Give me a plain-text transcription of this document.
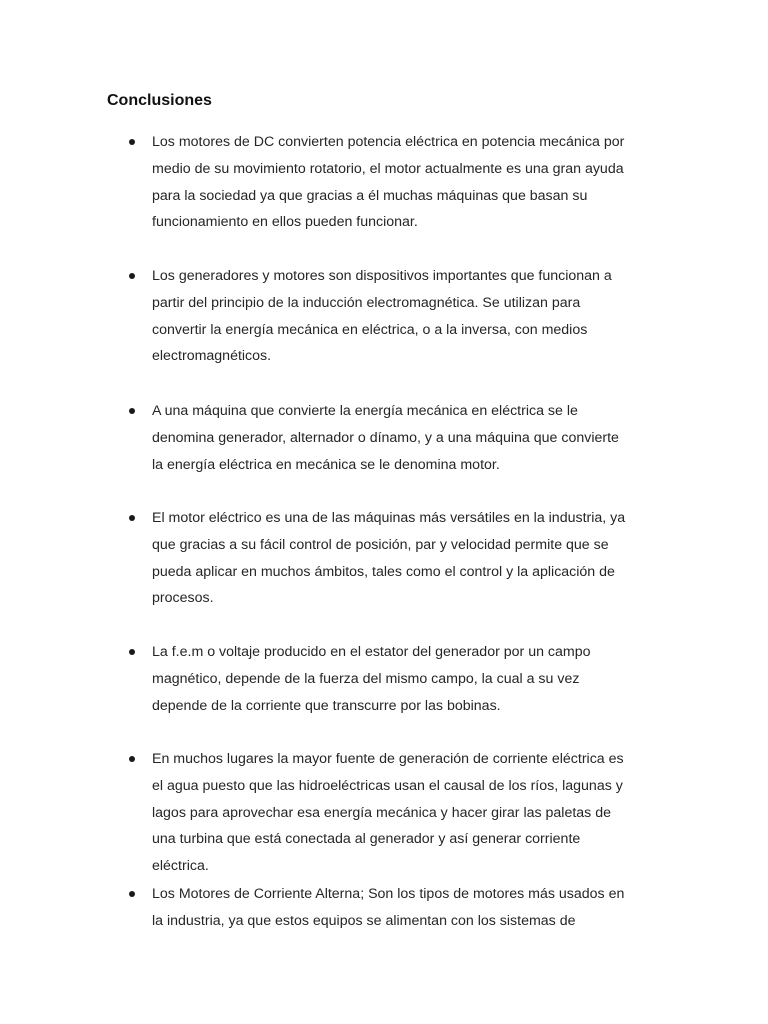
Conclusiones
Los motores de DC convierten potencia eléctrica en potencia mecánica por
medio de su movimiento rotatorio, el motor actualmente es una gran ayuda
para la sociedad ya que gracias a él muchas máquinas que basan su
funcionamiento en ellos pueden funcionar.
Los generadores y motores son dispositivos importantes que funcionan a
partir del principio de la inducción electromagnética. Se utilizan para
convertir la energía mecánica en eléctrica, o a la inversa, con medios
electromagnéticos.
A una máquina que convierte la energía mecánica en eléctrica se le
denomina generador, alternador o dínamo, y a una máquina que convierte
la energía eléctrica en mecánica se le denomina motor.
El motor eléctrico es una de las máquinas más versátiles en la industria, ya
que gracias a su fácil control de posición, par y velocidad permite que se
pueda aplicar en muchos ámbitos, tales como el control y la aplicación de
procesos.
La f.e.m o voltaje producido en el estator del generador por un campo
magnético, depende de la fuerza del mismo campo, la cual a su vez
depende de la corriente que transcurre por las bobinas.
En muchos lugares la mayor fuente de generación de corriente eléctrica es
el agua puesto que las hidroeléctricas usan el causal de los ríos, lagunas y
lagos para aprovechar esa energía mecánica y hacer girar las paletas de
una turbina que está conectada al generador y así generar corriente
eléctrica.
Los Motores de Corriente Alterna; Son los tipos de motores más usados en
la industria, ya que estos equipos se alimentan con los sistemas de
